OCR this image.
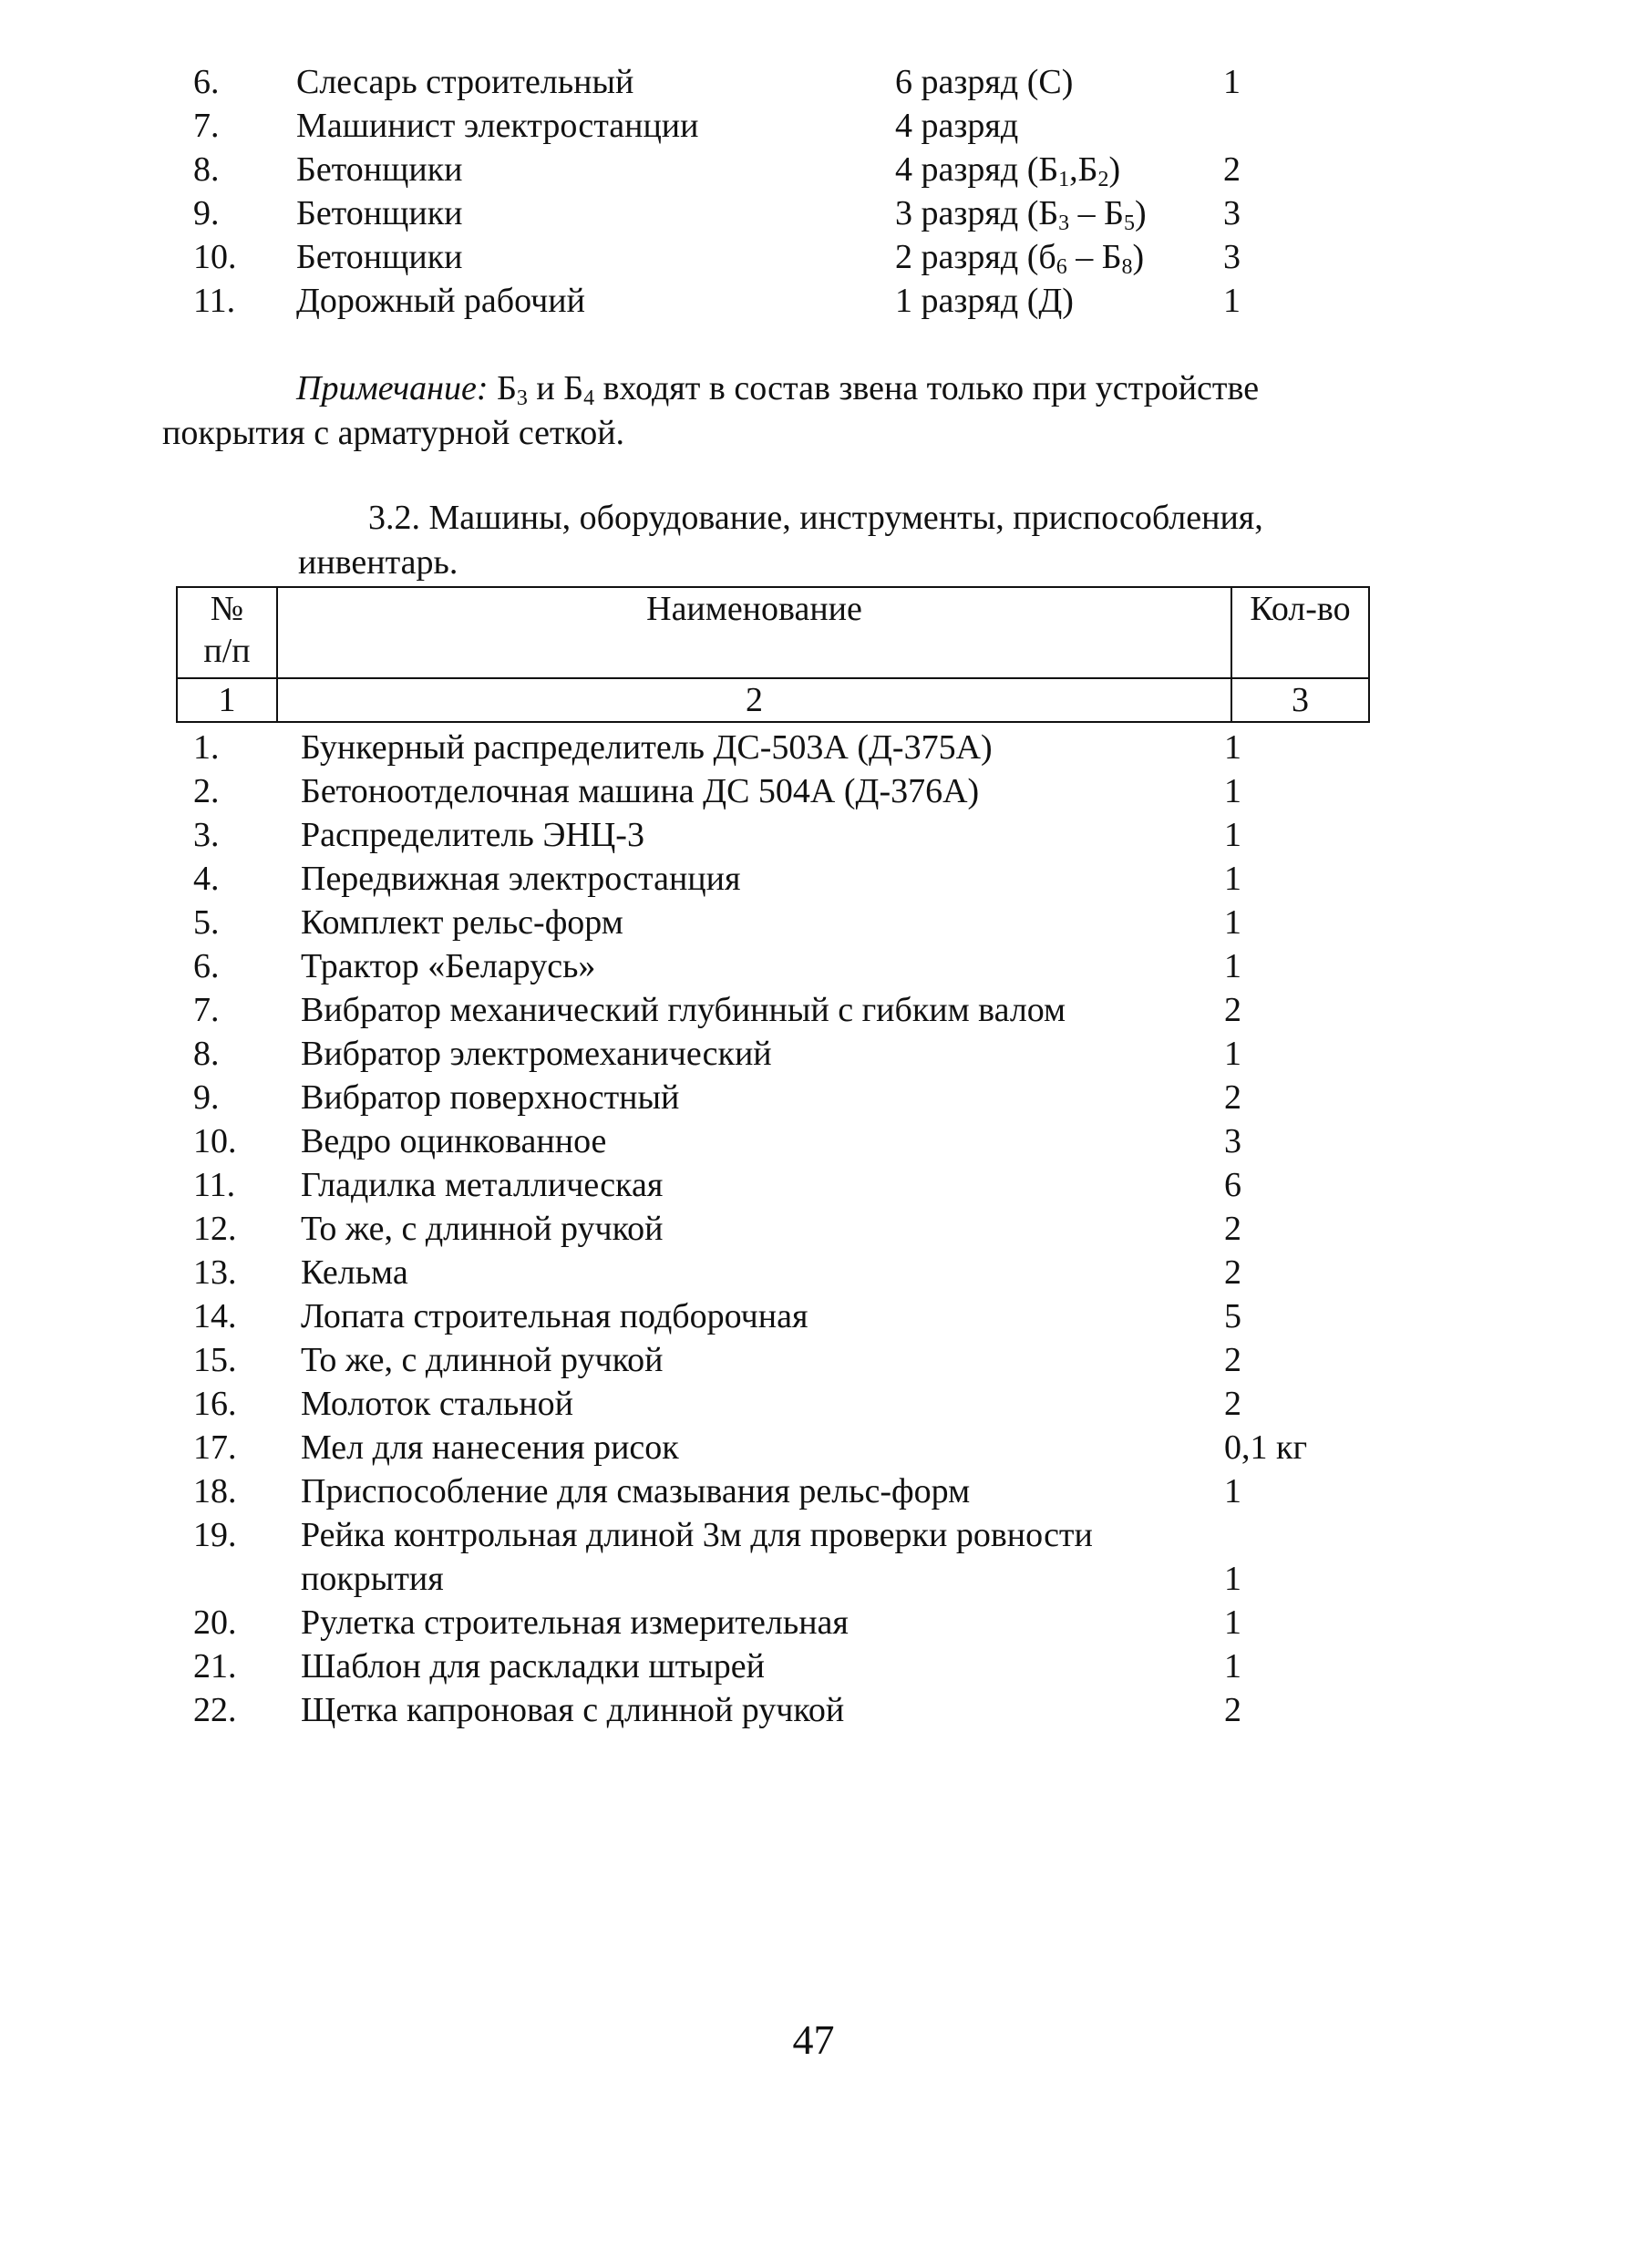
6. Слесарь строительный	6 разряд (С)	1
7. Машинист электростанции	4 разряд
8. Бетонщики	4 разряд $(Б_1,Б_2)$	2
9. Бетонщики	3 разряд $(Б_3 - Б_5)$ 3
10. Бетонщики	2 разряд $(б_6 - Б_8)$ 3
11. Дорожный рабочий	1 разряд (Д)	1
Примечание: $Б_3$ и $Б_4$ входят в состав звена только при устройстве
покрытия с арматурной сеткой.
3.2. Машины, оборудование, инструменты, приспособления,
инвентарь.
№
п/п	Наименование	Кол-во
1	2	3
1. Бункерный распределитель ДС-503А (Д-375А)	1
2. Бетоноотделочная машина ДС 504А (Д-376А)	1
3. Распределитель ЭНЦ-3	1
4. Передвижная электростанция	1
5. Комплект рельс-форм	1
6. Трактор «Беларусь»	1
7. Вибратор механический глубинный с гибким валом	2
8. Вибратор электромеханический	1
9. Вибратор поверхностный	2
10. Ведро оцинкованное	3
11. Гладилка металлическая	6
12. То же, с длинной ручкой	2
13. Кельма	2
14. Лопата строительная подборочная	5
15. То же, с длинной ручкой	2
16. Молоток стальной	2
17. Мел для нанесения рисок	0,1 кг
18. Приспособление для смазывания рельс-форм	1
19. Рейка контрольная длиной 3м для проверки ровности
покрытия	1
20. Рулетка строительная измерительная	1
21. Шаблон для раскладки штырей	1
22. Щетка капроновая с длинной ручкой	2
47
